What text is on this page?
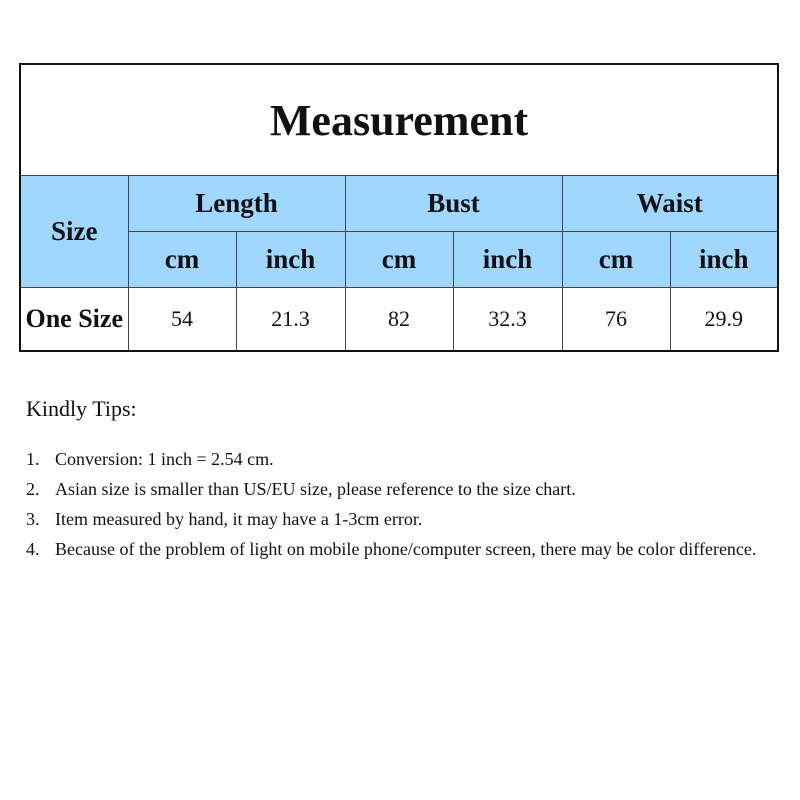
Measurement						
Size	Length		Bust		Waist	
	cm	inch	cm	inch	cm	inch
One Size	54	21.3	82	32.3	76	29.9
Kindly Tips:
1. Conversion: 1 inch = 2.54 cm.
2. Asian size is smaller than US/EU size, please reference to the size chart.
3. Item measured by hand, it may have a 1-3cm error.
4. Because of the problem of light on mobile phone/computer screen, there may be color difference.
